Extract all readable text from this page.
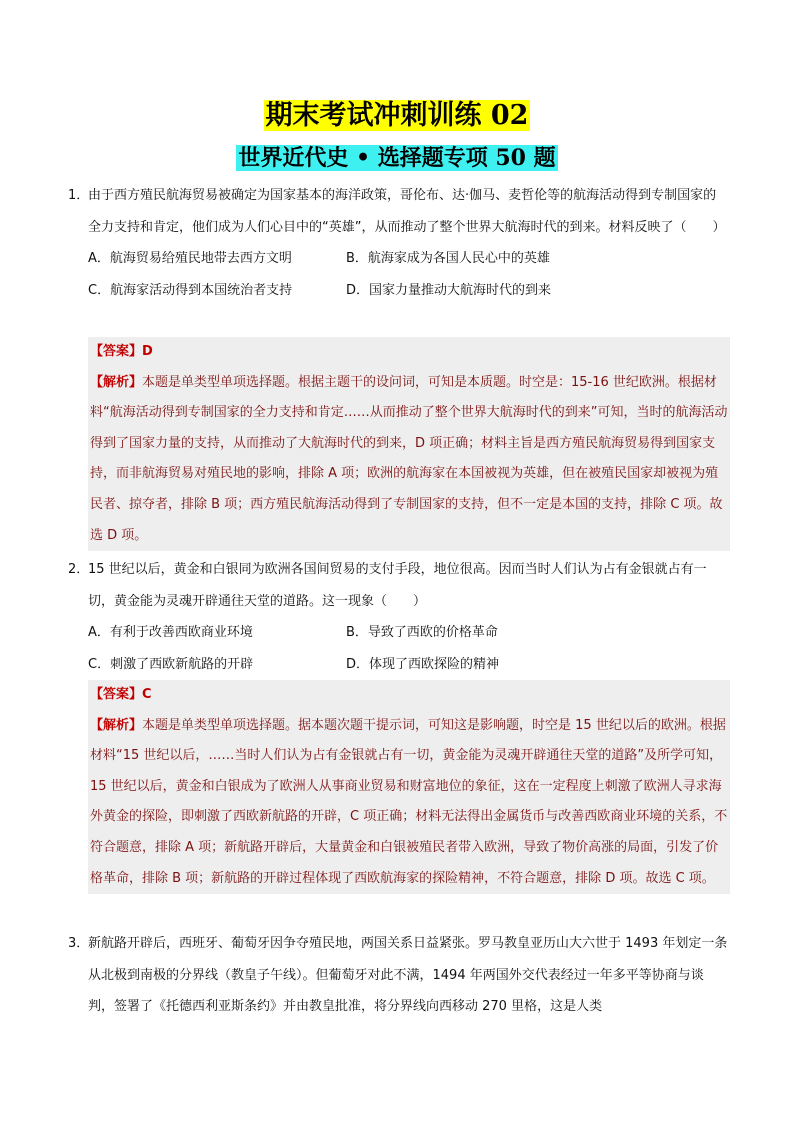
期末考试冲刺训练 02
世界近代史 • 选择题专项 50 题
1．
由于西方殖民航海贸易被确定为国家基本的海洋政策，哥伦布、达·伽马、麦哲伦等的航海活动得到专制国家的全力支持和肯定，他们成为人们心目中的“英雄”，从而推动了整个世界大航海时代的到来。材料反映了（　　）
A．航海贸易给殖民地带去西方文明	B．航海家成为各国人民心中的英雄
C．航海家活动得到本国统治者支持	D．国家力量推动大航海时代的到来
【答案】D
【解析】本题是单类型单项选择题。根据主题干的设问词，可知是本质题。时空是：15-16 世纪欧洲。根据材料“航海活动得到专制国家的全力支持和肯定……从而推动了整个世界大航海时代的到来”可知，当时的航海活动得到了国家力量的支持，从而推动了大航海时代的到来，D 项正确；材料主旨是西方殖民航海贸易得到国家支持，而非航海贸易对殖民地的影响，排除 A 项；欧洲的航海家在本国被视为英雄，但在被殖民国家却被视为殖民者、掠夺者，排除 B 项；西方殖民航海活动得到了专制国家的支持，但不一定是本国的支持，排除 C 项。故选 D 项。
2．
15 世纪以后，黄金和白银同为欧洲各国间贸易的支付手段，地位很高。因而当时人们认为占有金银就占有一切，黄金能为灵魂开辟通往天堂的道路。这一现象（　　）
A．有利于改善西欧商业环境	B．导致了西欧的价格革命
C．刺激了西欧新航路的开辟	D．体现了西欧探险的精神
【答案】C
【解析】本题是单类型单项选择题。据本题次题干提示词，可知这是影响题，时空是 15 世纪以后的欧洲。根据材料“15 世纪以后，……当时人们认为占有金银就占有一切，黄金能为灵魂开辟通往天堂的道路”及所学可知，15 世纪以后，黄金和白银成为了欧洲人从事商业贸易和财富地位的象征，这在一定程度上刺激了欧洲人寻求海外黄金的探险，即刺激了西欧新航路的开辟，C 项正确；材料无法得出金属货币与改善西欧商业环境的关系，不符合题意，排除 A 项；新航路开辟后，大量黄金和白银被殖民者带入欧洲，导致了物价高涨的局面，引发了价格革命，排除 B 项；新航路的开辟过程体现了西欧航海家的探险精神，不符合题意，排除 D 项。故选 C 项。
3．
新航路开辟后，西班牙、葡萄牙因争夺殖民地，两国关系日益紧张。罗马教皇亚历山大六世于 1493 年划定一条从北极到南极的分界线（教皇子午线）。但葡萄牙对此不满，1494 年两国外交代表经过一年多平等协商与谈判，签署了《托德西利亚斯条约》并由教皇批准，将分界线向西移动 270 里格，这是人类
